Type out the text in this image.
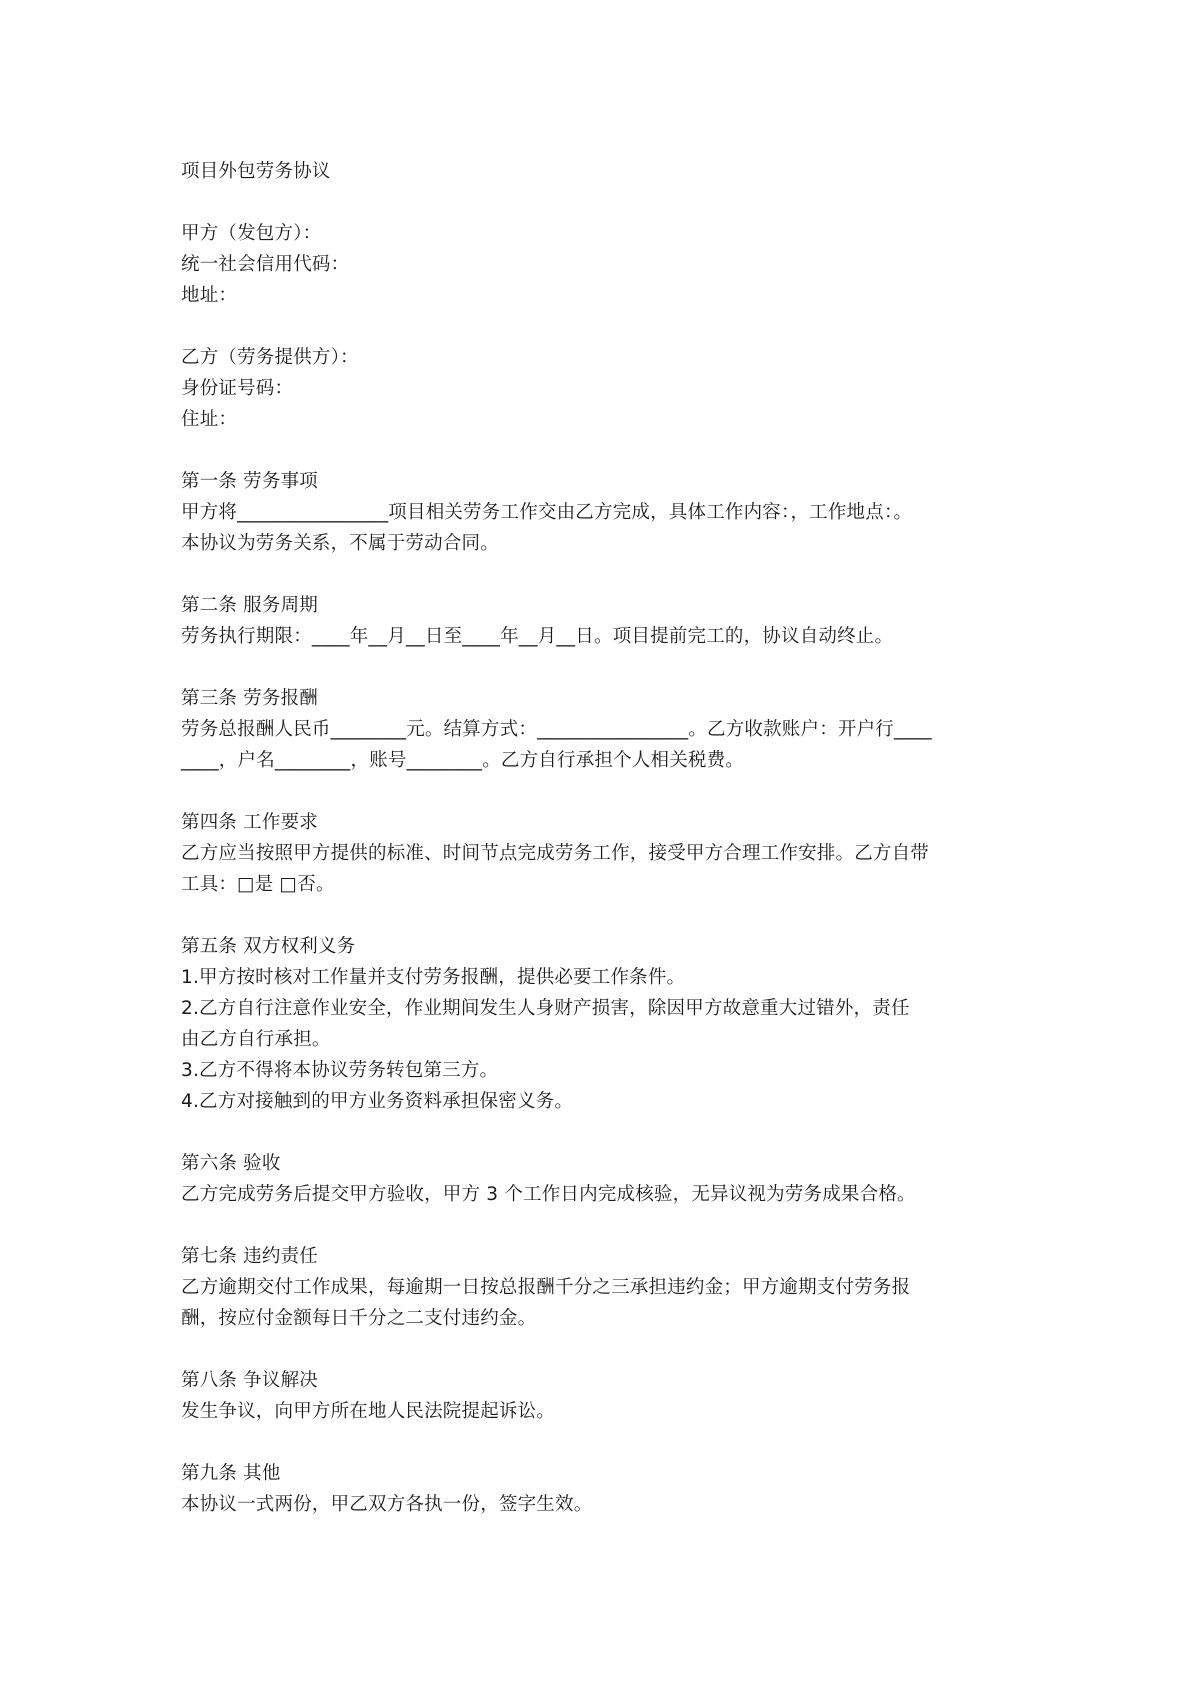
项目外包劳务协议
甲方（发包方）：
统一社会信用代码：
地址：
乙方（劳务提供方）：
身份证号码：
住址：
第一条 劳务事项
甲方将________________项目相关劳务工作交由乙方完成，具体工作内容：，工作地点：。
本协议为劳务关系，不属于劳动合同。
第二条 服务周期
劳务执行期限：____年__月__日至____年__月__日。项目提前完工的，协议自动终止。
第三条 劳务报酬
劳务总报酬人民币________元。结算方式：________________。乙方收款账户：开户行____
____，户名________，账号________。乙方自行承担个人相关税费。
第四条 工作要求
乙方应当按照甲方提供的标准、时间节点完成劳务工作，接受甲方合理工作安排。乙方自带
工具：□是 □否。
第五条 双方权利义务
1.甲方按时核对工作量并支付劳务报酬，提供必要工作条件。
2.乙方自行注意作业安全，作业期间发生人身财产损害，除因甲方故意重大过错外，责任
由乙方自行承担。
3.乙方不得将本协议劳务转包第三方。
4.乙方对接触到的甲方业务资料承担保密义务。
第六条 验收
乙方完成劳务后提交甲方验收，甲方 3 个工作日内完成核验，无异议视为劳务成果合格。
第七条 违约责任
乙方逾期交付工作成果，每逾期一日按总报酬千分之三承担违约金；甲方逾期支付劳务报
酬，按应付金额每日千分之二支付违约金。
第八条 争议解决
发生争议，向甲方所在地人民法院提起诉讼。
第九条 其他
本协议一式两份，甲乙双方各执一份，签字生效。
